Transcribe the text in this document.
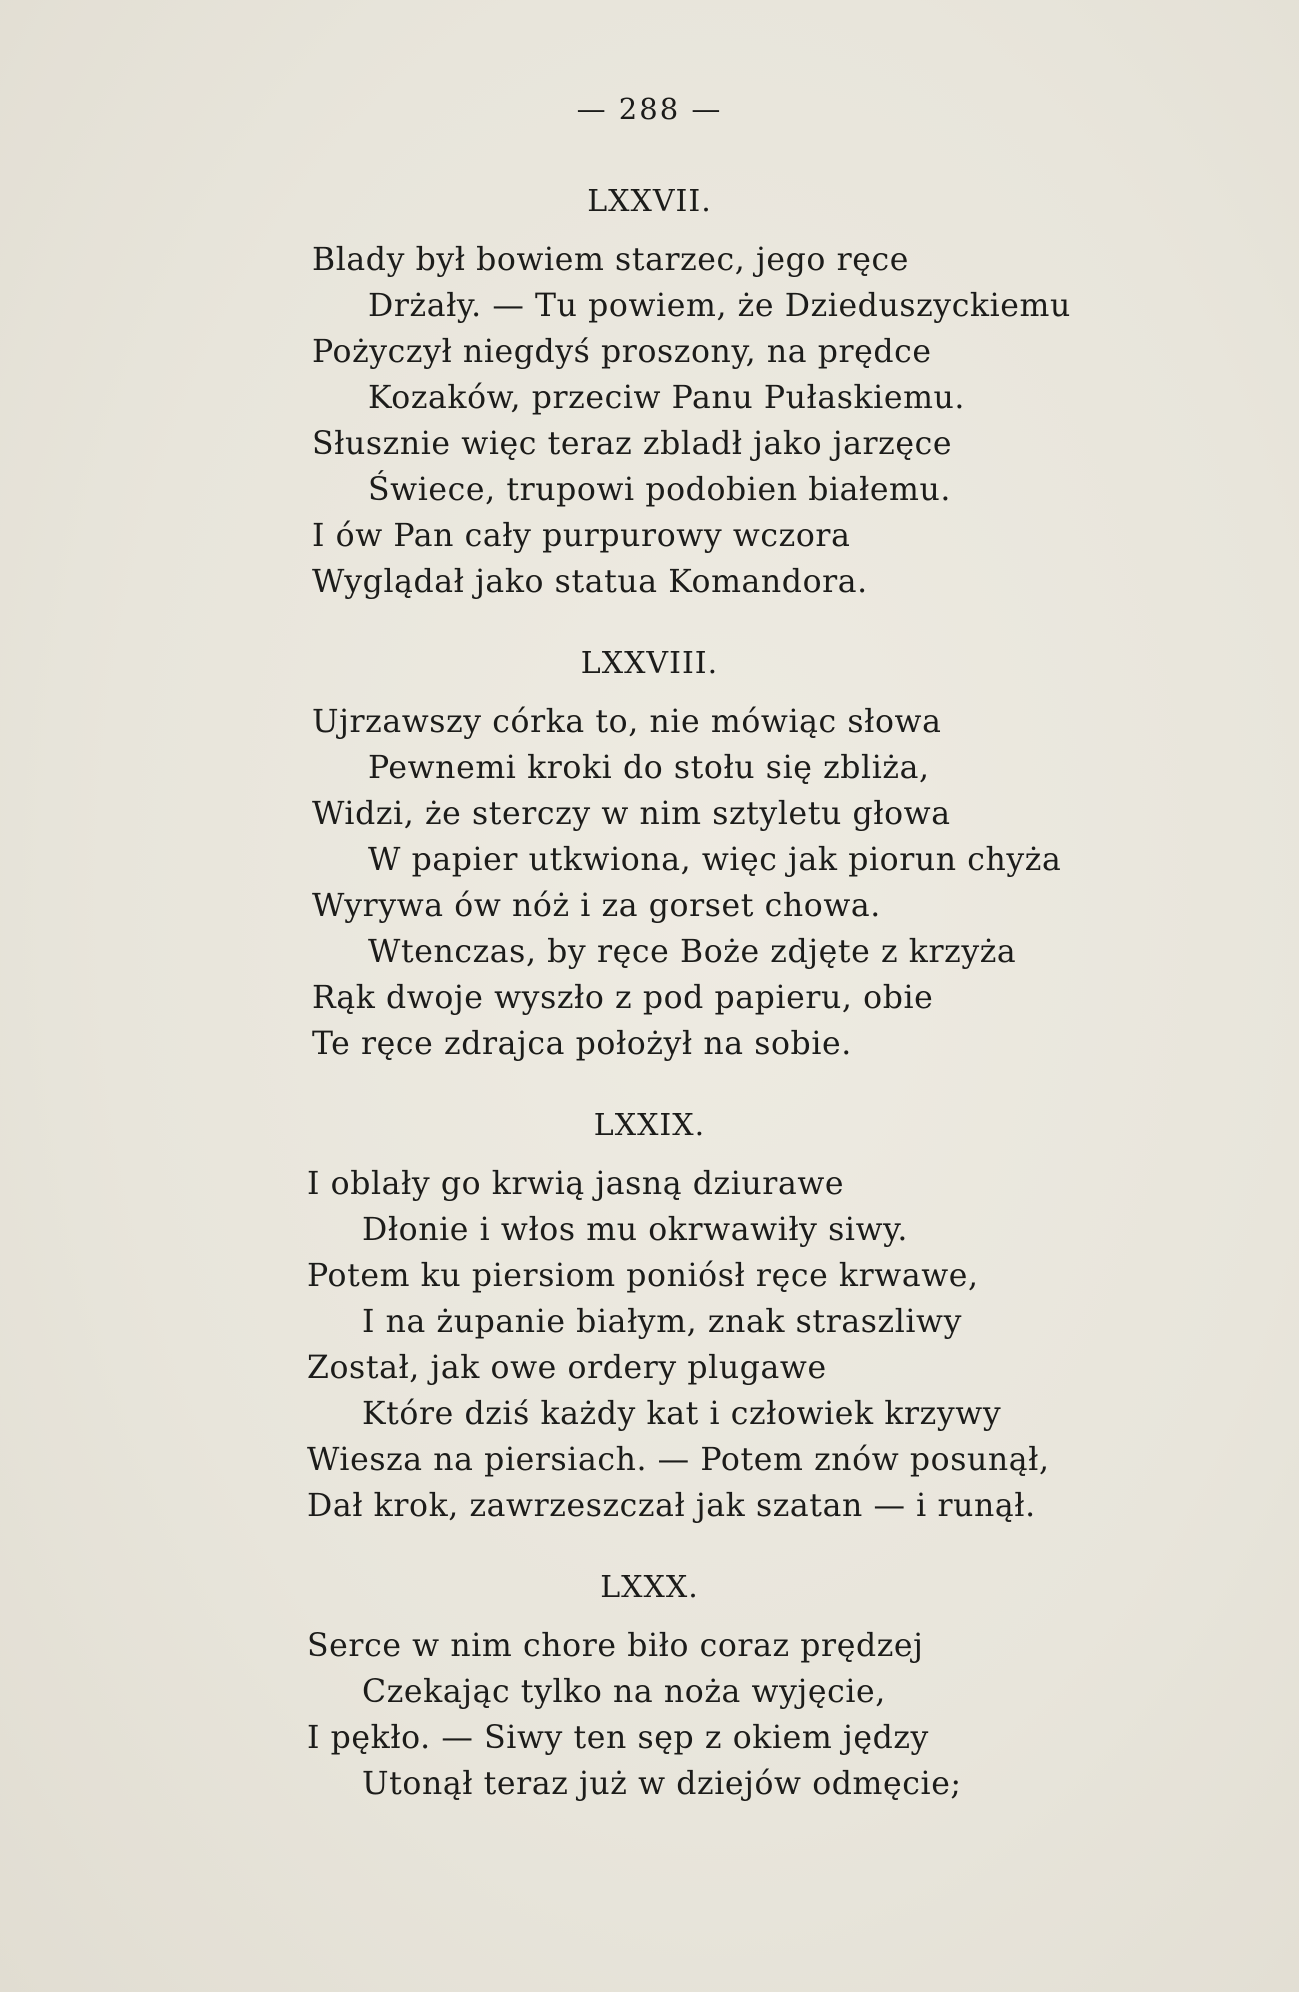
— 288 —
LXXVII.
Blady był bowiem starzec, jego ręce
Drżały. — Tu powiem, że Dzieduszyckiemu
Pożyczył niegdyś proszony, na prędce
Kozaków, przeciw Panu Pułaskiemu.
Słusznie więc teraz zbladł jako jarzęce
Świece, trupowi podobien białemu.
I ów Pan cały purpurowy wczora
Wyglądał jako statua Komandora.
LXXVIII.
Ujrzawszy córka to, nie mówiąc słowa
Pewnemi kroki do stołu się zbliża,
Widzi, że sterczy w nim sztyletu głowa
W papier utkwiona, więc jak piorun chyża
Wyrywa ów nóż i za gorset chowa.
Wtenczas, by ręce Boże zdjęte z krzyża
Rąk dwoje wyszło z pod papieru, obie
Te ręce zdrajca położył na sobie.
LXXIX.
I oblały go krwią jasną dziurawe
Dłonie i włos mu okrwawiły siwy.
Potem ku piersiom poniósł ręce krwawe,
I na żupanie białym, znak straszliwy
Został, jak owe ordery plugawe
Które dziś każdy kat i człowiek krzywy
Wiesza na piersiach. — Potem znów posunął,
Dał krok, zawrzeszczał jak szatan — i runął.
LXXX.
Serce w nim chore biło coraz prędzej
Czekając tylko na noża wyjęcie,
I pękło. — Siwy ten sęp z okiem jędzy
Utonął teraz już w dziejów odmęcie;
